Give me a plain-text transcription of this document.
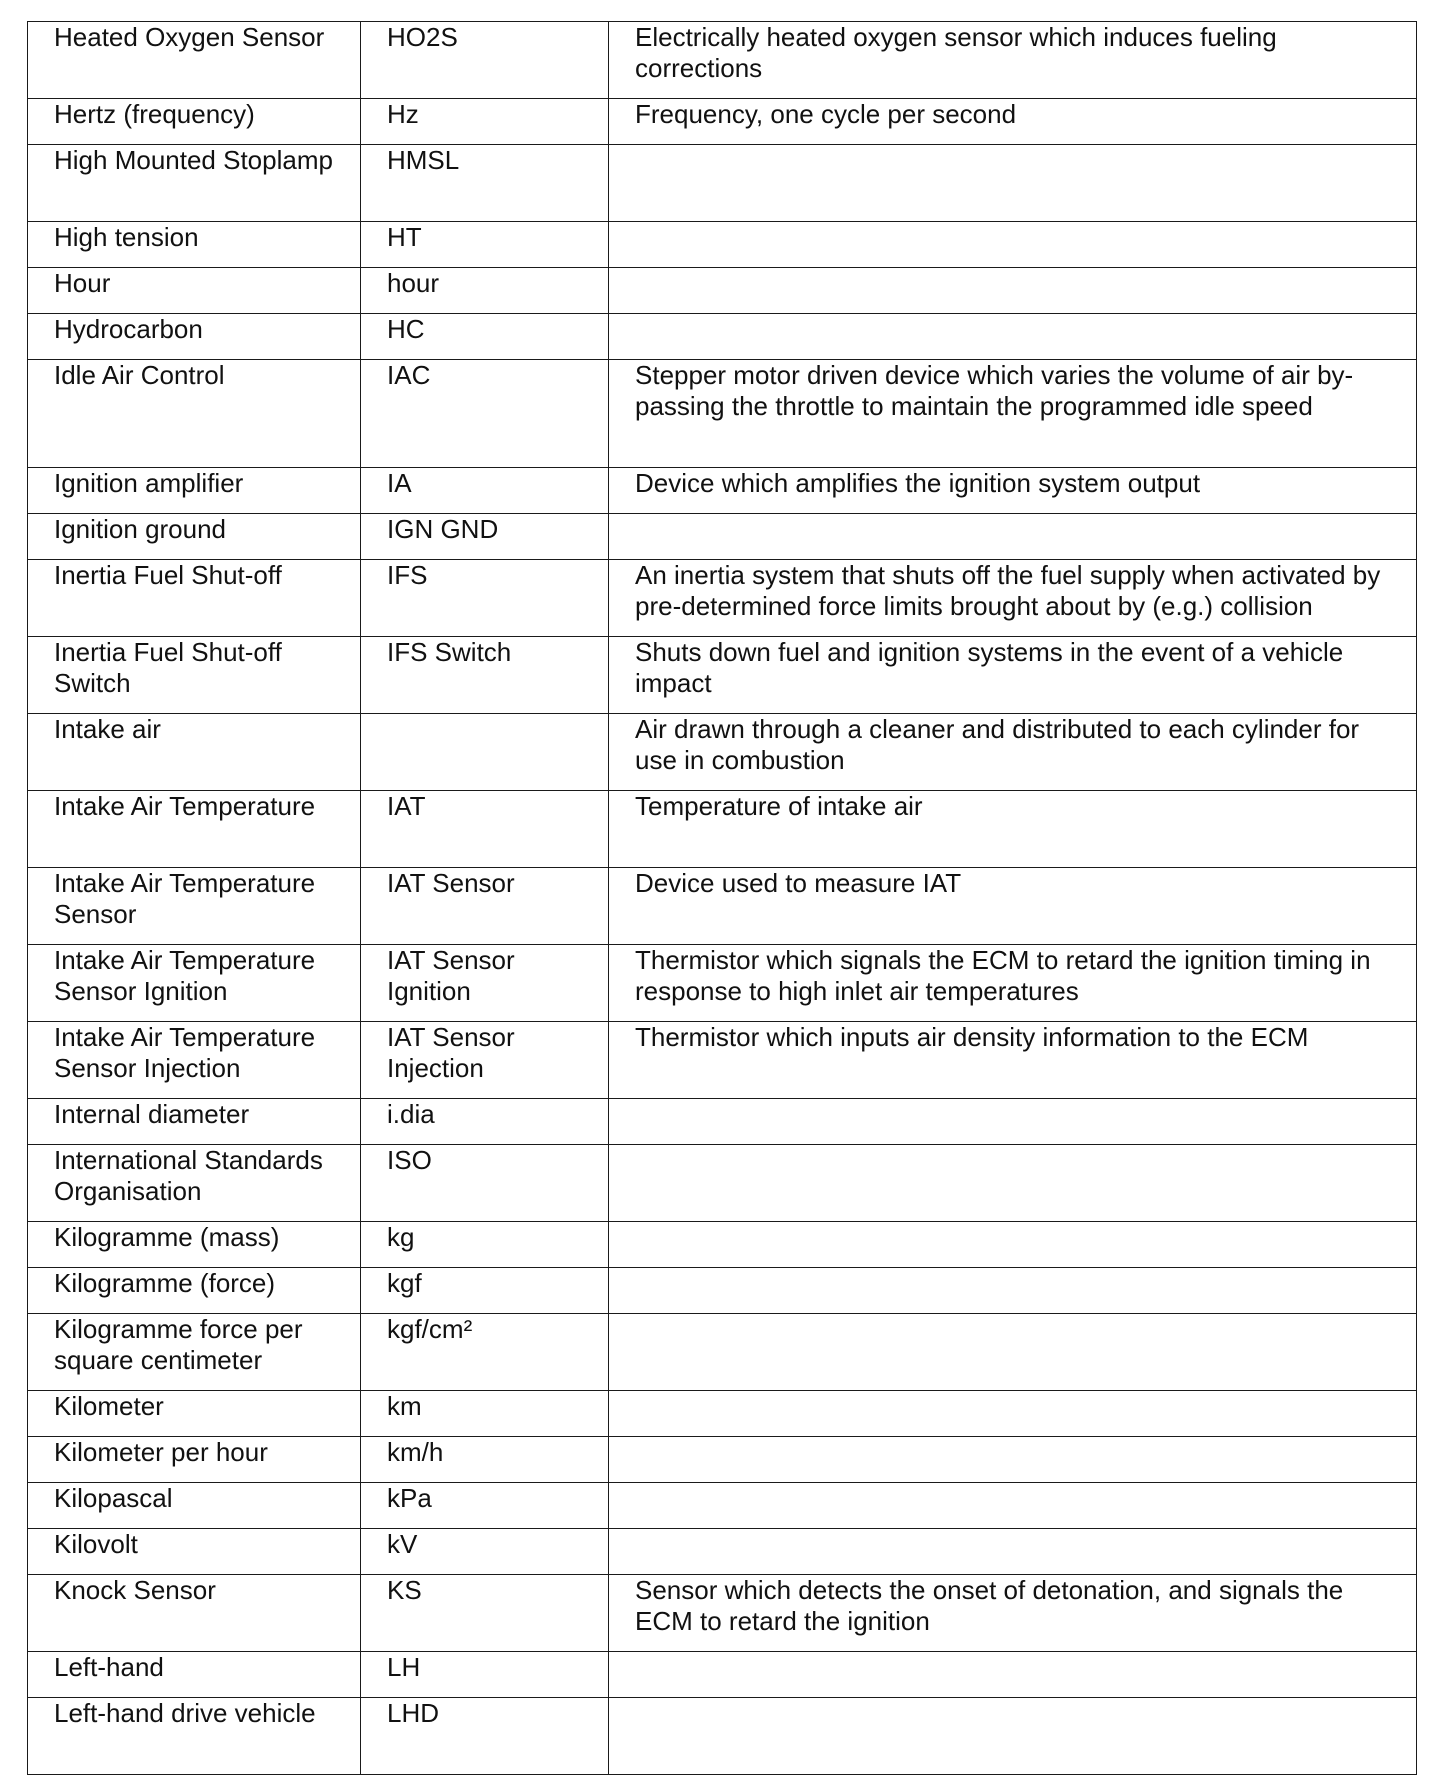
Heated Oxygen Sensor	HO2S	Electrically heated oxygen sensor which induces fueling corrections
Hertz (frequency)	Hz	Frequency, one cycle per second
High Mounted Stoplamp	HMSL	
High tension	HT	
Hour	hour	
Hydrocarbon	HC	
Idle Air Control	IAC	Stepper motor driven device which varies the volume of air by-passing the throttle to maintain the programmed idle speed
Ignition amplifier	IA	Device which amplifies the ignition system output
Ignition ground	IGN GND	
Inertia Fuel Shut-off	IFS	An inertia system that shuts off the fuel supply when activated by pre-determined force limits brought about by (e.g.) collision
Inertia Fuel Shut-off Switch	IFS Switch	Shuts down fuel and ignition systems in the event of a vehicle impact
Intake air		Air drawn through a cleaner and distributed to each cylinder for use in combustion
Intake Air Temperature	IAT	Temperature of intake air
Intake Air Temperature Sensor	IAT Sensor	Device used to measure IAT
Intake Air Temperature Sensor Ignition	IAT Sensor Ignition	Thermistor which signals the ECM to retard the ignition timing in response to high inlet air temperatures
Intake Air Temperature Sensor Injection	IAT Sensor Injection	Thermistor which inputs air density information to the ECM
Internal diameter	i.dia	
International Standards Organisation	ISO	
Kilogramme (mass)	kg	
Kilogramme (force)	kgf	
Kilogramme force per square centimeter	kgf/cm²	
Kilometer	km	
Kilometer per hour	km/h	
Kilopascal	kPa	
Kilovolt	kV	
Knock Sensor	KS	Sensor which detects the onset of detonation, and signals the ECM to retard the ignition
Left-hand	LH	
Left-hand drive vehicle	LHD	
